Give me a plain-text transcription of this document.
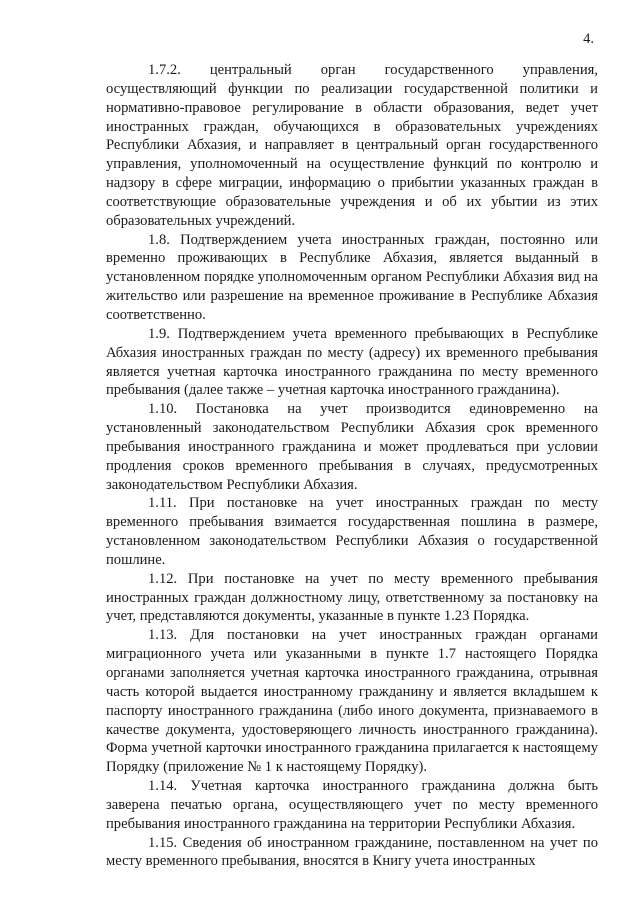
4.

1.7.2. центральный орган государственного управления, осуществляющий функции по реализации государственной политики и нормативно-правовое регулирование в области образования, ведет учет иностранных граждан, обучающихся в образовательных учреждениях Республики Абхазия, и направляет в центральный орган государственного управления, уполномоченный на осуществление функций по контролю и надзору в сфере миграции, информацию о прибытии указанных граждан в соответствующие образовательные учреждения и об их убытии из этих образовательных учреждений.

1.8. Подтверждением учета иностранных граждан, постоянно или временно проживающих в Республике Абхазия, является выданный в установленном порядке уполномоченным органом Республики Абхазия вид на жительство или разрешение на временное проживание в Республике Абхазия соответственно.

1.9. Подтверждением учета временного пребывающих в Республике Абхазия иностранных граждан по месту (адресу) их временного пребывания является учетная карточка иностранного гражданина по месту временного пребывания (далее также – учетная карточка иностранного гражданина).

1.10. Постановка на учет производится единовременно на установленный законодательством Республики Абхазия срок временного пребывания иностранного гражданина и может продлеваться при условии продления сроков временного пребывания в случаях, предусмотренных законодательством Республики Абхазия.

1.11. При постановке на учет иностранных граждан по месту временного пребывания взимается государственная пошлина в размере, установленном законодательством Республики Абхазия о государственной пошлине.

1.12. При постановке на учет по месту временного пребывания иностранных граждан должностному лицу, ответственному за постановку на учет, представляются документы, указанные в пункте 1.23 Порядка.

1.13. Для постановки на учет иностранных граждан органами миграционного учета или указанными в пункте 1.7 настоящего Порядка органами заполняется учетная карточка иностранного гражданина, отрывная часть которой выдается иностранному гражданину и является вкладышем к паспорту иностранного гражданина (либо иного документа, признаваемого в качестве документа, удостоверяющего личность иностранного гражданина). Форма учетной карточки иностранного гражданина прилагается к настоящему Порядку (приложение № 1 к настоящему Порядку).

1.14. Учетная карточка иностранного гражданина должна быть заверена печатью органа, осуществляющего учет по месту временного пребывания иностранного гражданина на территории Республики Абхазия.

1.15. Сведения об иностранном гражданине, поставленном на учет по месту временного пребывания, вносятся в Книгу учета иностранных
